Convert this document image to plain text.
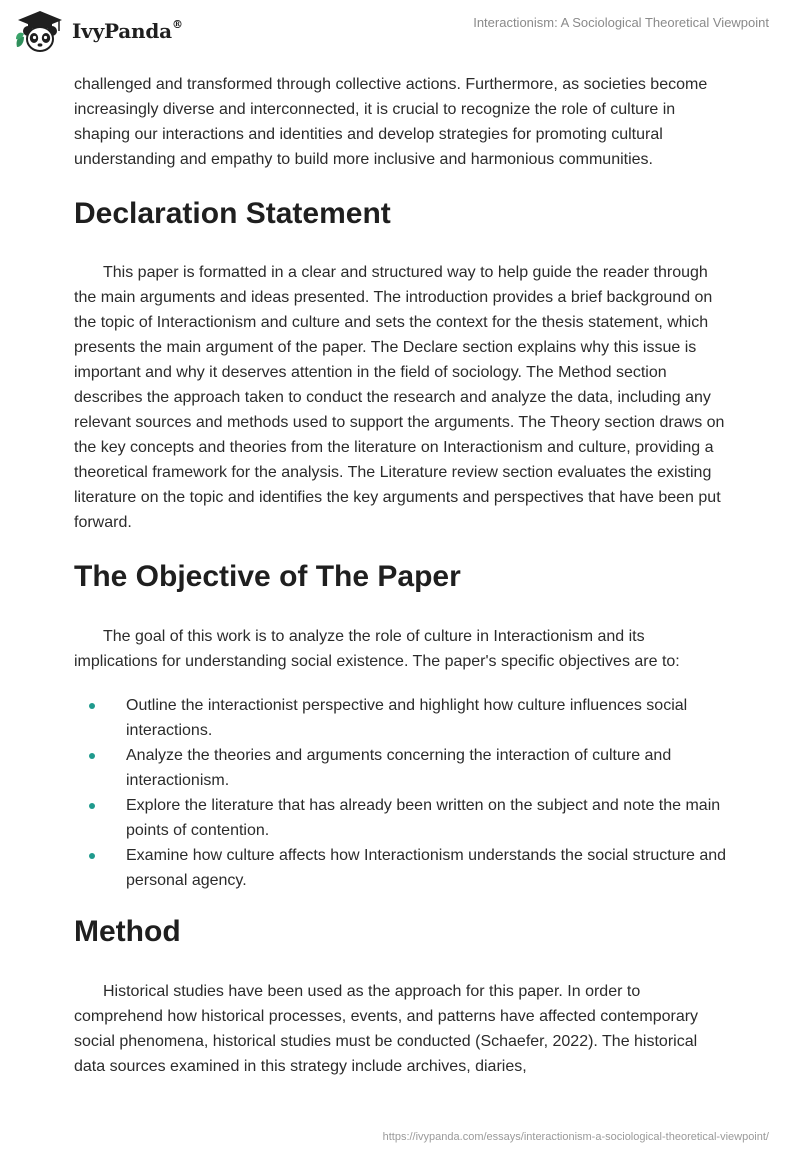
IvyPanda®	Interactionism: A Sociological Theoretical Viewpoint

challenged and transformed through collective actions. Furthermore, as societies become increasingly diverse and interconnected, it is crucial to recognize the role of culture in shaping our interactions and identities and develop strategies for promoting cultural understanding and empathy to build more inclusive and harmonious communities.

Declaration Statement

This paper is formatted in a clear and structured way to help guide the reader through the main arguments and ideas presented. The introduction provides a brief background on the topic of Interactionism and culture and sets the context for the thesis statement, which presents the main argument of the paper. The Declare section explains why this issue is important and why it deserves attention in the field of sociology. The Method section describes the approach taken to conduct the research and analyze the data, including any relevant sources and methods used to support the arguments. The Theory section draws on the key concepts and theories from the literature on Interactionism and culture, providing a theoretical framework for the analysis. The Literature review section evaluates the existing literature on the topic and identifies the key arguments and perspectives that have been put forward.

The Objective of The Paper

The goal of this work is to analyze the role of culture in Interactionism and its implications for understanding social existence. The paper's specific objectives are to:

Outline the interactionist perspective and highlight how culture influences social interactions.
Analyze the theories and arguments concerning the interaction of culture and interactionism.
Explore the literature that has already been written on the subject and note the main points of contention.
Examine how culture affects how Interactionism understands the social structure and personal agency.
Method

Historical studies have been used as the approach for this paper. In order to comprehend how historical processes, events, and patterns have affected contemporary social phenomena, historical studies must be conducted (Schaefer, 2022). The historical data sources examined in this strategy include archives, diaries,

https://ivypanda.com/essays/interactionism-a-sociological-theoretical-viewpoint/
